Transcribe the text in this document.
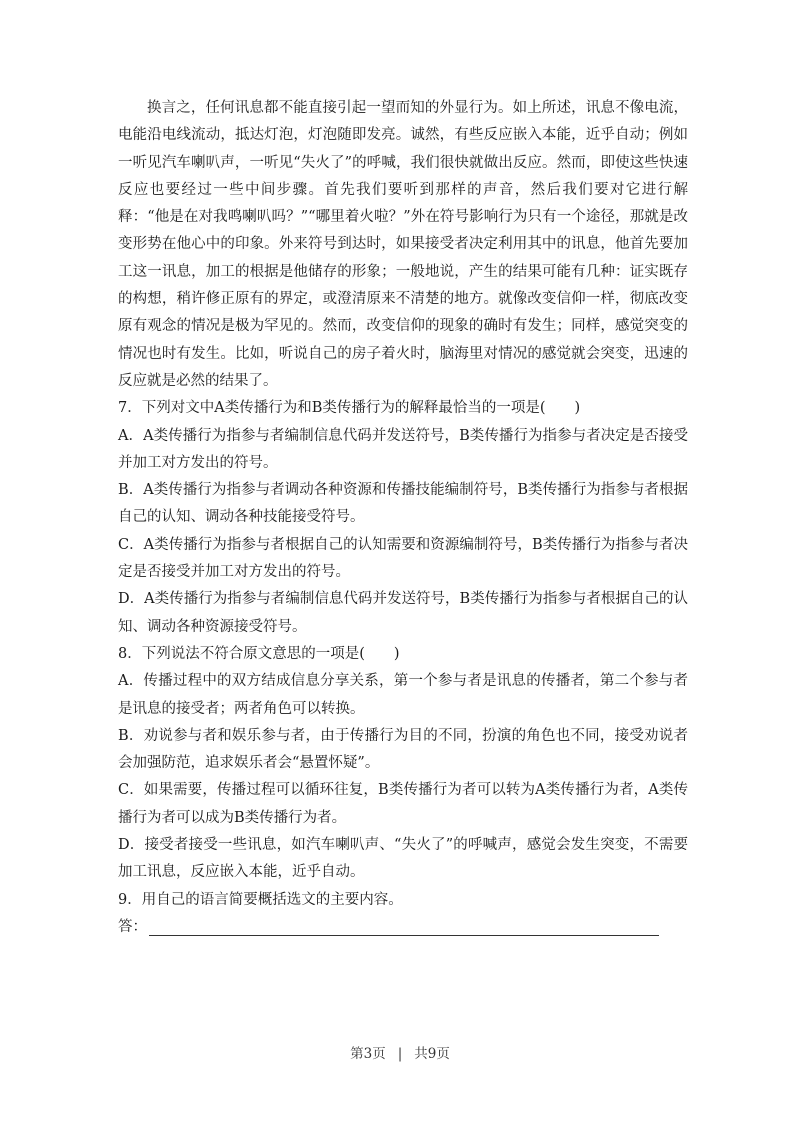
换言之，任何讯息都不能直接引起一望而知的外显行为。如上所述，讯息不像电流，电能沿电线流动，抵达灯泡，灯泡随即发亮。诚然，有些反应嵌入本能，近乎自动；例如一听见汽车喇叭声，一听见“失火了”的呼喊，我们很快就做出反应。然而，即使这些快速反应也要经过一些中间步骤。首先我们要听到那样的声音，然后我们要对它进行解释：“他是在对我鸣喇叭吗？”“哪里着火啦？”外在符号影响行为只有一个途径，那就是改变形势在他心中的印象。外来符号到达时，如果接受者决定利用其中的讯息，他首先要加工这一讯息，加工的根据是他储存的形象；一般地说，产生的结果可能有几种：证实既存的构想，稍许修正原有的界定，或澄清原来不清楚的地方。就像改变信仰一样，彻底改变原有观念的情况是极为罕见的。然而，改变信仰的现象的确时有发生；同样，感觉突变的情况也时有发生。比如，听说自己的房子着火时，脑海里对情况的感觉就会突变，迅速的反应就是必然的结果了。

7．下列对文中A类传播行为和B类传播行为的解释最恰当的一项是(　　)

A．A类传播行为指参与者编制信息代码并发送符号，B类传播行为指参与者决定是否接受并加工对方发出的符号。

B．A类传播行为指参与者调动各种资源和传播技能编制符号，B类传播行为指参与者根据自己的认知、调动各种技能接受符号。

C．A类传播行为指参与者根据自己的认知需要和资源编制符号，B类传播行为指参与者决定是否接受并加工对方发出的符号。

D．A类传播行为指参与者编制信息代码并发送符号，B类传播行为指参与者根据自己的认知、调动各种资源接受符号。

8．下列说法不符合原文意思的一项是(　　)

A．传播过程中的双方结成信息分享关系，第一个参与者是讯息的传播者，第二个参与者是讯息的接受者；两者角色可以转换。

B．劝说参与者和娱乐参与者，由于传播行为目的不同，扮演的角色也不同，接受劝说者会加强防范，追求娱乐者会“悬置怀疑”。

C．如果需要，传播过程可以循环往复，B类传播行为者可以转为A类传播行为者，A类传播行为者可以成为B类传播行为者。

D．接受者接受一些讯息，如汽车喇叭声、“失火了”的呼喊声，感觉会发生突变，不需要加工讯息，反应嵌入本能，近乎自动。

9．用自己的语言简要概括选文的主要内容。

答：
第3页 | 共9页
